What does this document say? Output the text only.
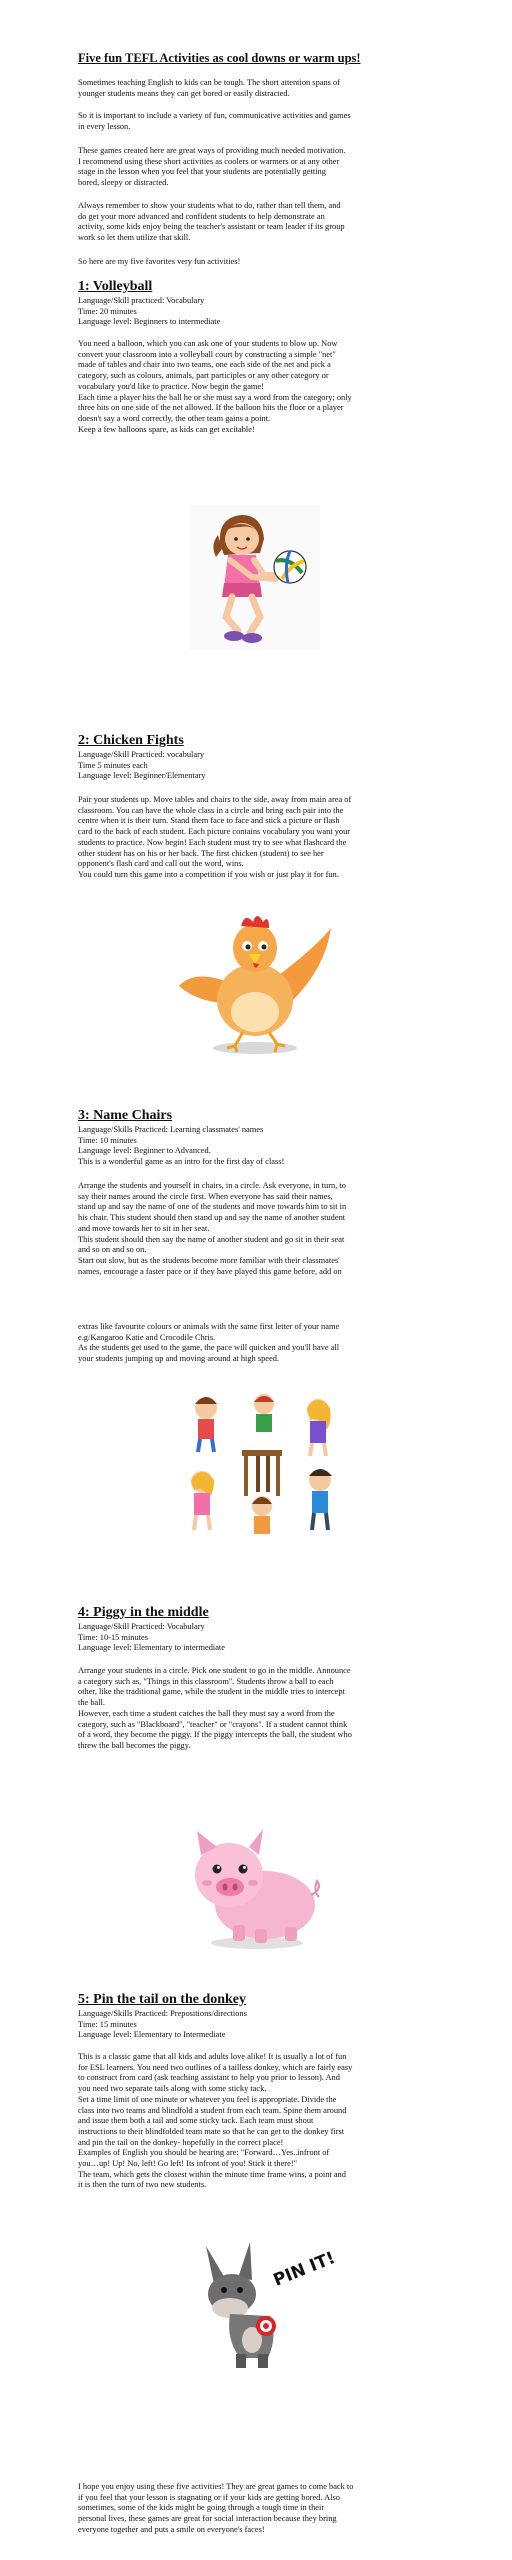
Five fun TEFL Activities as cool downs or warm ups!
Sometimes teaching English to kids can be tough. The short attention spans of
younger students means they can get bored or easily distracted.
So it is important to include a variety of fun, communicative activities and games
in every lesson.
These games created here are great ways of providing much needed motivation.
I recommend using these short activities as coolers or warmers or at any other
stage in the lesson when you feel that your students are potentially getting
bored, sleepy or distracted.
Always remember to show your students what to do, rather than tell them, and
do get your more advanced and confident students to help demonstrate an
activity, some kids enjoy being the teacher's assistant or team leader if its group
work so let them utilize that skill.
So here are my five favorites very fun activities!
1: Volleyball
Language/Skill practiced: Vocabulary
Time: 20 minutes
Language level: Beginners to intermediate
You need a balloon, which you can ask one of your students to blow up. Now
convert your classroom into a volleyball court by constructing a simple "net"
made of tables and chair into two teams, one each side of the net and pick a
category, such as colours, animals, part participles or any other category or
vocabulary you'd like to practice. Now begin the game!
Each time a player hits the ball he or she must say a word from the category; only
three hits on one side of the net allowed. If the balloon hits the floor or a player
doesn't say a word correctly, the other team gains a point.
Keep a few balloons spare, as kids can get excitable!
2: Chicken Fights
Language/Skill Practiced: vocabulary
Time 5 minutes each
Language level: Beginner/Elementary
Pair your students up. Move tables and chairs to the side, away from main area of
classroom. You can have the whole class in a circle and bring each pair into the
centre when it is their turn. Stand them face to face and stick a picture or flash
card to the back of each student. Each picture contains vocabulary you want your
students to practice. Now begin! Each student must try to see what flashcard the
other student has on his or her back. The first chicken (student) to see her
opponent's flash card and call out the word, wins.
You could turn this game into a competition if you wish or just play it for fun.
3: Name Chairs
Language/Skills Practiced: Learning classmates' names
Time: 10 minutes
Language level: Beginner to Advanced.
This is a wonderful game as an intro for the first day of class!
Arrange the students and yourself in chairs, in a circle. Ask everyone, in turn, to
say their names around the circle first. When everyone has said their names,
stand up and say the name of one of the students and move towards him to sit in
his chair. This student should then stand up and say the name of another student
and move towards her to sit in her seat.
This student should then say the name of another student and go sit in their seat
and so on and so on.
Start out slow, but as the students become more familiar with their classmates'
names, encourage a faster pace or if they have played this game before, add on
extras like favourite colours or animals with the same first letter of your name
e.g/Kangaroo Katie and Crocodile Chris.
As the students get used to the game, the pace will quicken and you'll have all
your students jumping up and moving around at high speed.
4: Piggy in the middle
Language/Skill Practiced: Vocabulary
Time: 10-15 minutes
Language level: Elementary to intermediate
Arrange your students in a circle. Pick one student to go in the middle. Announce
a category such as, "Things in this classroom". Students throw a ball to each
other, like the traditional game, while the student in the middle tries to intercept
the ball.
However, each time a student catches the ball they must say a word from the
category, such as "Blackboard", "teacher" or "crayons". If a student cannot think
of a word, they become the piggy. If the piggy intercepts the ball, the student who
threw the ball becomes the piggy.
5: Pin the tail on the donkey
Language/Skills Practiced: Prepositions/directions
Time: 15 minutes
Language level: Elementary to Intermediate
This is a classic game that all kids and adults love alike! It is usually a lot of fun
for ESL learners. You need two outlines of a tailless donkey, which are fairly easy
to construct from card (ask teaching assistant to help you prior to lesson). And
you need two separate tails along with some sticky tack.
Set a time limit of one minute or whatever you feel is appropriate. Divide the
class into two teams and blindfold a student from each team. Spine them around
and issue them both a tail and some sticky tack. Each team must shout
instructions to their blindfolded team mate so that he can get to the donkey first
and pin the tail on the donkey- hopefully in the correct place!
Examples of English you should be hearing are: "Forward…Yes..infront of
you…up! Up! No, left! Go left! Its infront of you! Stick it there!"
The team, which gets the closest within the minute time frame wins, a point and
it is then the turn of two new students.
PIN IT!
I hope you enjoy using these five activities! They are great games to come back to
if you feel that your lesson is stagnating or if your kids are getting bored. Also
sometimes, some of the kids might be going through a tough time in their
personal lives, these games are great for social interaction because they bring
everyone together and puts a smile on everyone's faces!
